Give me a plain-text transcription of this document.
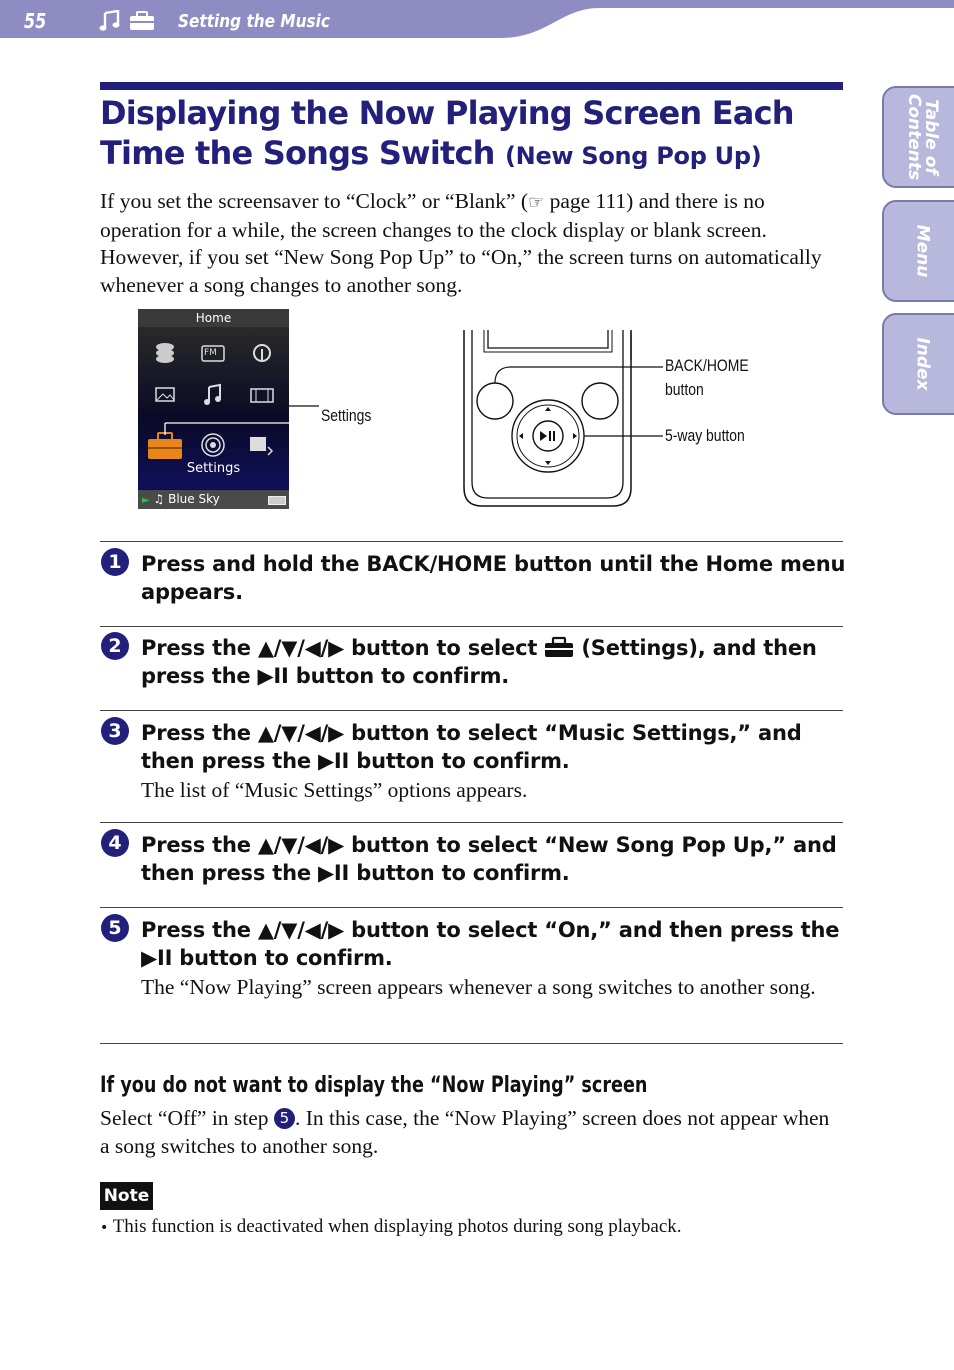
55	Setting the Music
Table of
Contents
Menu
Index
Displaying the Now Playing Screen Each Time the Songs Switch (New Song Pop Up)
If you set the screensaver to “Clock” or “Blank” (☞ page 111) and there is no operation for a while, the screen changes to the clock display or blank screen. However, if you set “New Song Pop Up” to “On,” the screen turns on automatically whenever a song changes to another song.
Home
FM
Settings
► ♫ Blue Sky
Settings
BACK/HOME
button
5-way button
1 Press and hold the BACK/HOME button until the Home menu appears.
2 Press the ▲/▼/◀/▶ button to select  (Settings), and then press the ▶II button to confirm.
3 Press the ▲/▼/◀/▶ button to select “Music Settings,” and then press the ▶II button to confirm.
The list of “Music Settings” options appears.
4 Press the ▲/▼/◀/▶ button to select “New Song Pop Up,” and then press the ▶II button to confirm.
5 Press the ▲/▼/◀/▶ button to select “On,” and then press the ▶II button to confirm.
The “Now Playing” screen appears whenever a song switches to another song.
If you do not want to display the “Now Playing” screen
Select “Off” in step 5 . In this case, the “Now Playing” screen does not appear when a song switches to another song.
Note
• This function is deactivated when displaying photos during song playback.
